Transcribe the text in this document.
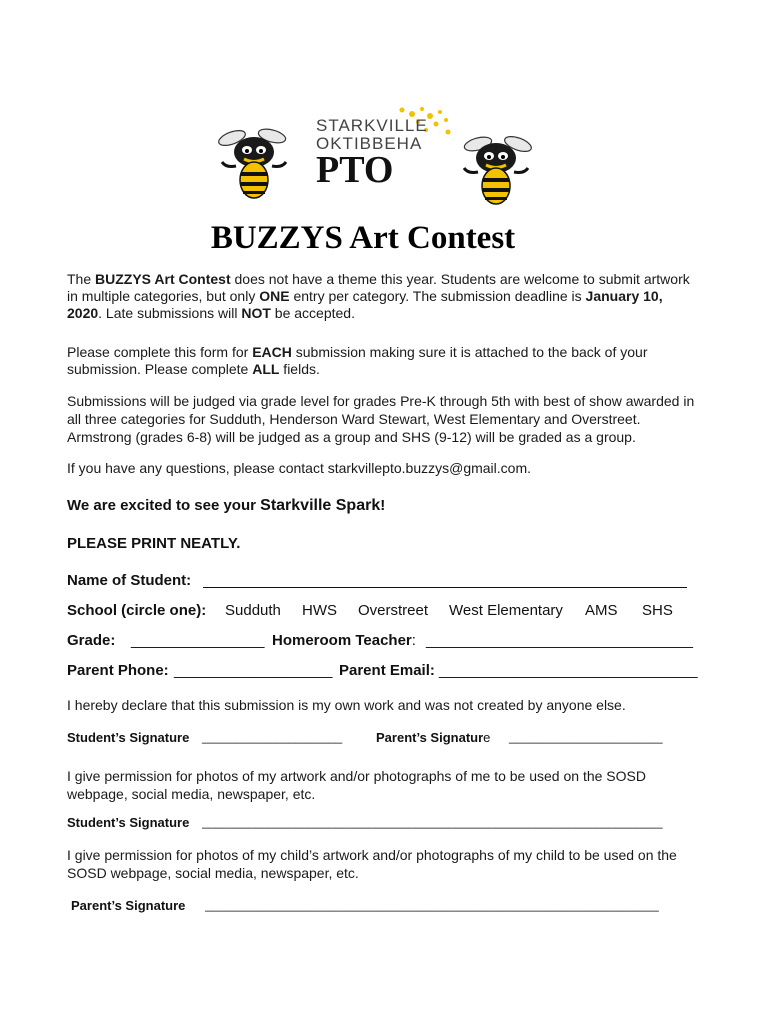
STARKVILLE
OKTIBBEHA
PTO
BUZZYS Art Contest
The BUZZYS Art Contest does not have a theme this year. Students are welcome to submit artwork in multiple categories, but only ONE entry per category. The submission deadline is January 10, 2020. Late submissions will NOT be accepted.
Please complete this form for EACH submission making sure it is attached to the back of your submission. Please complete ALL fields.
Submissions will be judged via grade level for grades Pre-K through 5th with best of show awarded in all three categories for Sudduth, Henderson Ward Stewart, West Elementary and Overstreet. Armstrong (grades 6-8) will be judged as a group and SHS (9-12) will be graded as a group.
If you have any questions, please contact starkvillepto.buzzys@gmail.com.
We are excited to see your Starkville Spark!
PLEASE PRINT NEATLY.
Name of Student:
School (circle one): Sudduth HWS Overstreet West Elementary AMS SHS
Grade: ________________ Homeroom Teacher: ________________________________
Parent Phone: ___________________ Parent Email: _______________________________
I hereby declare that this submission is my own work and was not created by anyone else.
Student’s Signature _____________________	Parent’s Signature _______________________
I give permission for photos of my artwork and/or photographs of me to be used on the SOSD webpage, social media, newspaper, etc.
Student’s Signature _____________________________________________________________________
I give permission for photos of my child’s artwork and/or photographs of my child to be used on the SOSD webpage, social media, newspaper, etc.
Parent’s Signature ____________________________________________________________________
